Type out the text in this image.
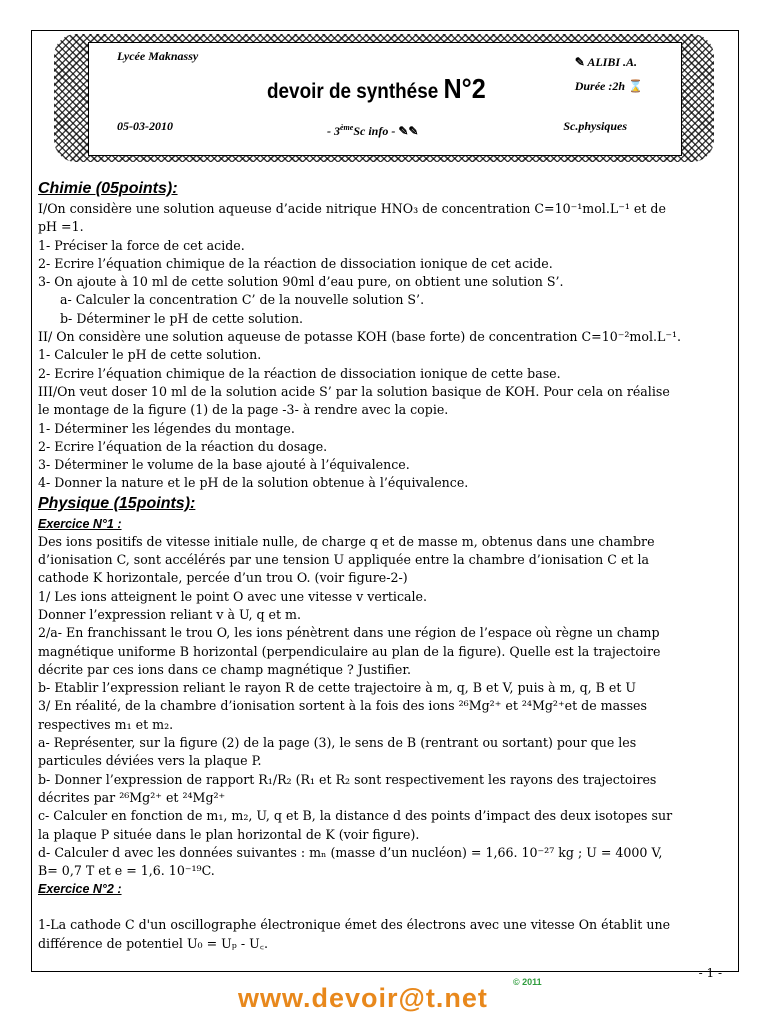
Lycée Maknassy
devoir de synthése N°2
✎ ALIBI .A.
Durée :2h ⌛
05-03-2010	- 3èmeSc info - ✎✎	Sc.physiques

Chimie (05points):

I/On considère une solution aqueuse d’acide nitrique HNO₃ de concentration C=10⁻¹mol.L⁻¹ et de

pH =1.

1- Préciser la force de cet acide.

2- Ecrire l’équation chimique de la réaction de dissociation ionique de cet acide.

3- On ajoute à 10 ml de cette solution 90ml d’eau pure, on obtient une solution S’.

a- Calculer la concentration C’ de la nouvelle solution S’.

b- Déterminer le pH de cette solution.

II/ On considère une solution aqueuse de potasse KOH (base forte) de concentration C=10⁻²mol.L⁻¹.

1- Calculer le pH de cette solution.

2- Ecrire l’équation chimique de la réaction de dissociation ionique de cette base.

III/On veut doser 10 ml de la solution acide S’ par la solution basique de KOH. Pour cela on réalise

le montage de la figure (1) de la page -3- à rendre avec la copie.

1- Déterminer les légendes du montage.

2- Ecrire l’équation de la réaction du dosage.

3- Déterminer le volume de la base ajouté à l’équivalence.

4- Donner la nature et le pH de la solution obtenue à l’équivalence.

Physique (15points):

Exercice N°1 :

Des ions positifs de vitesse initiale nulle, de charge q et de masse m, obtenus dans une chambre

d’ionisation C, sont accélérés par une tension U appliquée entre la chambre d’ionisation C et la

cathode K horizontale, percée d’un trou O. (voir figure-2-)

1/ Les ions atteignent le point O avec une vitesse v verticale.

Donner l’expression reliant v à U, q et m.

2/a- En franchissant le trou O, les ions pénètrent dans une région de l’espace où règne un champ

magnétique uniforme B horizontal (perpendiculaire au plan de la figure). Quelle est la trajectoire

décrite par ces ions dans ce champ magnétique ? Justifier.

b- Etablir l’expression reliant le rayon R de cette trajectoire à m, q, B et V, puis à m, q, B et U

3/ En réalité, de la chambre d’ionisation sortent à la fois des ions ²⁶Mg²⁺ et ²⁴Mg²⁺et de masses

respectives m₁ et m₂.

a- Représenter, sur la figure (2) de la page (3), le sens de B (rentrant ou sortant) pour que les

particules déviées vers la plaque P.

b- Donner l’expression de rapport R₁/R₂ (R₁ et R₂ sont respectivement les rayons des trajectoires

décrites par ²⁶Mg²⁺ et ²⁴Mg²⁺

c- Calculer en fonction de m₁, m₂, U, q et B, la distance d des points d’impact des deux isotopes sur

la plaque P située dans le plan horizontal de K (voir figure).

d- Calculer d avec les données suivantes : mₙ (masse d’un nucléon) = 1,66. 10⁻²⁷ kg ; U = 4000 V,

B= 0,7 T et e = 1,6. 10⁻¹⁹C.

Exercice N°2 :

1-La cathode C d'un oscillographe électronique émet des électrons avec une vitesse On établit une

différence de potentiel U₀ = Uₚ - U꜀.

- 1 -
www.devoir@t.net
© 2011
